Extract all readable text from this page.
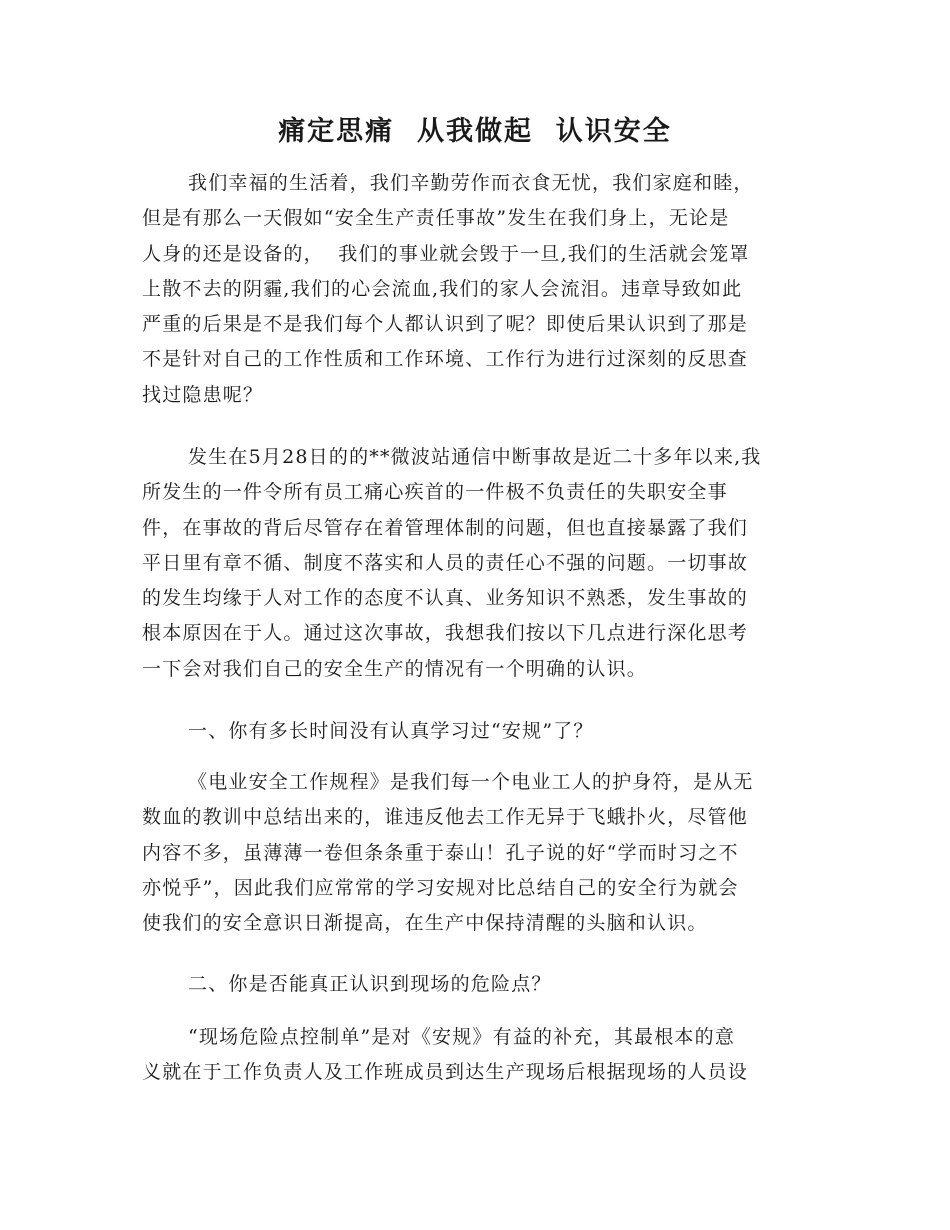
痛定思痛  从我做起  认识安全
我们幸福的生活着，我们辛勤劳作而衣食无忧，我们家庭和睦，
但是有那么一天假如“安全生产责任事故”发生在我们身上，无论是
人身的还是设备的，  我们的事业就会毁于一旦,我们的生活就会笼罩
上散不去的阴霾,我们的心会流血,我们的家人会流泪。违章导致如此
严重的后果是不是我们每个人都认识到了呢？即使后果认识到了那是
不是针对自己的工作性质和工作环境、工作行为进行过深刻的反思查
找过隐患呢？
发生在5月28日的的**微波站通信中断事故是近二十多年以来,我
所发生的一件令所有员工痛心疾首的一件极不负责任的失职安全事
件，在事故的背后尽管存在着管理体制的问题，但也直接暴露了我们
平日里有章不循、制度不落实和人员的责任心不强的问题。一切事故
的发生均缘于人对工作的态度不认真、业务知识不熟悉，发生事故的
根本原因在于人。通过这次事故，我想我们按以下几点进行深化思考
一下会对我们自己的安全生产的情况有一个明确的认识。
一、你有多长时间没有认真学习过“安规”了？
《电业安全工作规程》是我们每一个电业工人的护身符，是从无
数血的教训中总结出来的，谁违反他去工作无异于飞蛾扑火，尽管他
内容不多，虽薄薄一卷但条条重于泰山！孔子说的好“学而时习之不
亦悦乎”，因此我们应常常的学习安规对比总结自己的安全行为就会
使我们的安全意识日渐提高，在生产中保持清醒的头脑和认识。
二、你是否能真正认识到现场的危险点？
“现场危险点控制单”是对《安规》有益的补充，其最根本的意
义就在于工作负责人及工作班成员到达生产现场后根据现场的人员设
